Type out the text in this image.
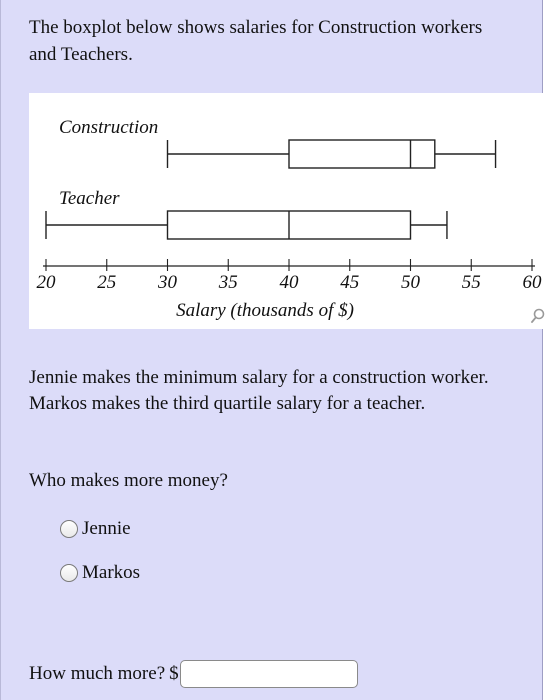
The boxplot below shows salaries for Construction workers and Teachers.

Construction
Teacher
20 25 30 35 40 45 50 55 60
Salary (thousands of $)

Jennie makes the minimum salary for a construction worker. Markos makes the third quartile salary for a teacher.

Who makes more money?

Jennie
Markos
How much more? $
